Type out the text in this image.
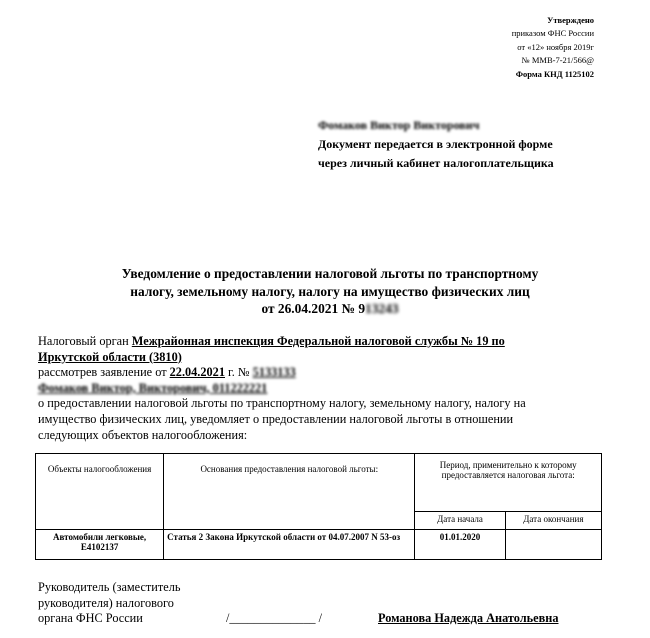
Утверждено
приказом ФНС России
от «12» ноября 2019г
№ ММВ-7-21/566@
Форма КНД 1125102
Фомаков Виктор Викторович
Документ передается в электронной форме
через личный кабинет налогоплательщика
Уведомление о предоставлении налоговой льготы по транспортному
налогу, земельному налогу, налогу на имущество физических лиц
от 26.04.2021 № 913243
Налоговый орган Межрайонная инспекция Федеральной налоговой службы № 19 по
Иркутской области (3810)
рассмотрев заявление от 22.04.2021 г. № 5133133
Фомаков Виктор, Викторович, 011222221
о предоставлении налоговой льготы по транспортному налогу, земельному налогу, налогу на
имущество физических лиц, уведомляет о предоставлении налоговой льготы в отношении
следующих объектов налогообложения:
Объекты налогообложения	Основания предоставления налоговой льготы:	Период, применительно к которому предоставляется налоговая льгота:	
		Дата начала	Дата окончания
Автомобили легковые, Е4102137	Статья 2 Закона Иркутской области от 04.07.2007 N 53-оз	01.01.2020	
Руководитель (заместитель руководителя) налогового органа ФНС России	/______________ /	Романова Надежда Анатольевна
